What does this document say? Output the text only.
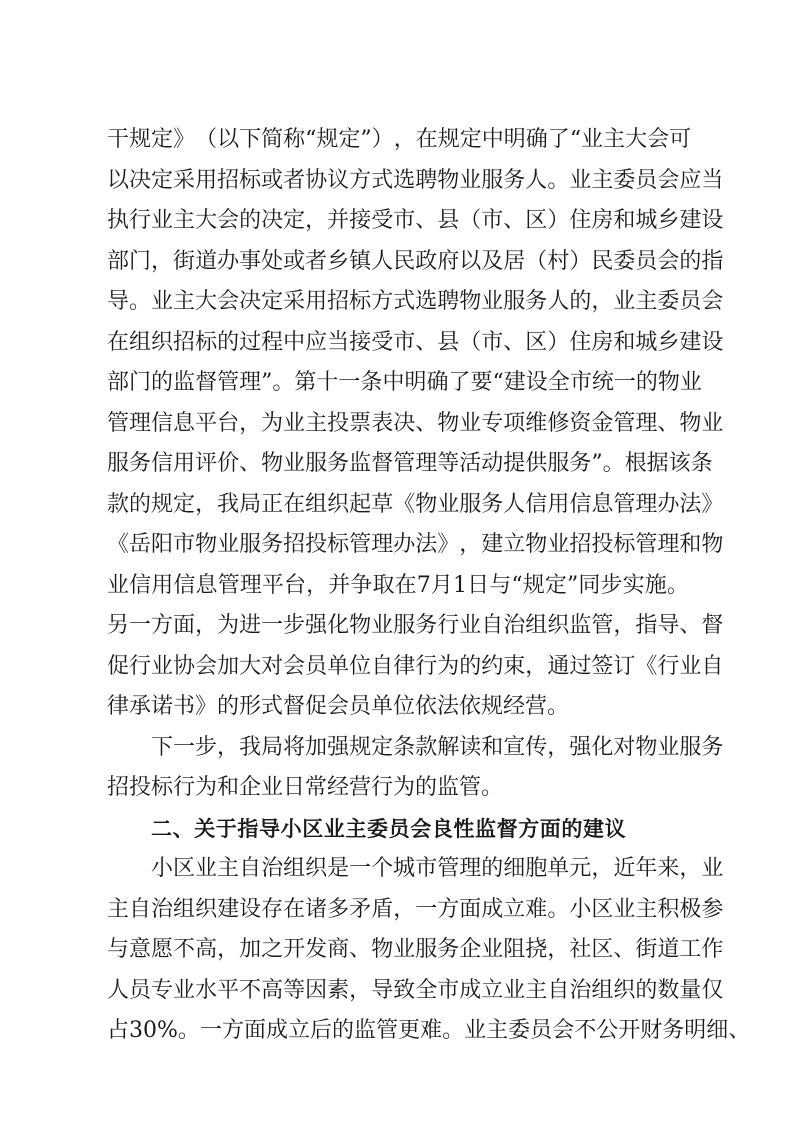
干 规 定 》 （ 以 下 简 称 “ 规 定 ” ） ， 在 规 定 中 明 确 了 “ 业 主 大 会 可
以 决 定 采 用 招 标 或 者 协 议 方 式 选 聘 物 业 服 务 人 。 业 主 委 员 会 应 当
执 行 业 主 大 会 的 决 定 ， 并 接 受 市 、 县 （ 市 、 区 ） 住 房 和 城 乡 建 设
部 门 ， 街 道 办 事 处 或 者 乡 镇 人 民 政 府 以 及 居 （ 村 ） 民 委 员 会 的 指
导 。 业 主 大 会 决 定 采 用 招 标 方 式 选 聘 物 业 服 务 人 的 ， 业 主 委 员 会
在 组 织 招 标 的 过 程 中 应 当 接 受 市 、 县 （ 市 、 区 ） 住 房 和 城 乡 建 设
部 门 的 监 督 管 理 ” 。 第 十 一 条 中 明 确 了 要 “ 建 设 全 市 统 一 的 物 业
管 理 信 息 平 台 ， 为 业 主 投 票 表 决 、 物 业 专 项 维 修 资 金 管 理 、 物 业
服 务 信 用 评 价 、 物 业 服 务 监 督 管 理 等 活 动 提 供 服 务 ” 。 根 据 该 条
款 的 规 定 ， 我 局 正 在 组 织 起 草 《 物 业 服 务 人 信 用 信 息 管 理 办 法 》
《 岳 阳 市 物 业 服 务 招 投 标 管 理 办 法 》 ， 建 立 物 业 招 投 标 管 理 和 物
业 信 用 信 息 管 理 平 台 ， 并 争 取 在 7 月 1 日 与 “ 规 定 ” 同 步 实 施 。
另 一 方 面 ， 为 进 一 步 强 化 物 业 服 务 行 业 自 治 组 织 监 管 ， 指 导 、 督
促 行 业 协 会 加 大 对 会 员 单 位 自 律 行 为 的 约 束 ， 通 过 签 订 《 行 业 自
律承诺书》的形式督促会员单位依法依规经营。
下 一 步 ， 我 局 将 加 强 规 定 条 款 解 读 和 宣 传 ， 强 化 对 物 业 服 务
招投标行为和企业日常经营行为的监管。
二、关于指导小区业主委员会良性监督方面的建议
小 区 业 主 自 治 组 织 是 一 个 城 市 管 理 的 细 胞 单 元 ， 近 年 来 ， 业
主 自 治 组 织 建 设 存 在 诸 多 矛 盾 ， 一 方 面 成 立 难 。 小 区 业 主 积 极 参
与 意 愿 不 高 ， 加 之 开 发 商 、 物 业 服 务 企 业 阻 挠 ， 社 区 、 街 道 工 作
人 员 专 业 水 平 不 高 等 因 素 ， 导 致 全 市 成 立 业 主 自 治 组 织 的 数 量 仅
占 30% 。 一 方 面 成 立 后 的 监 管 更 难 。 业 主 委 员 会 不 公 开 财 务 明 细 、
